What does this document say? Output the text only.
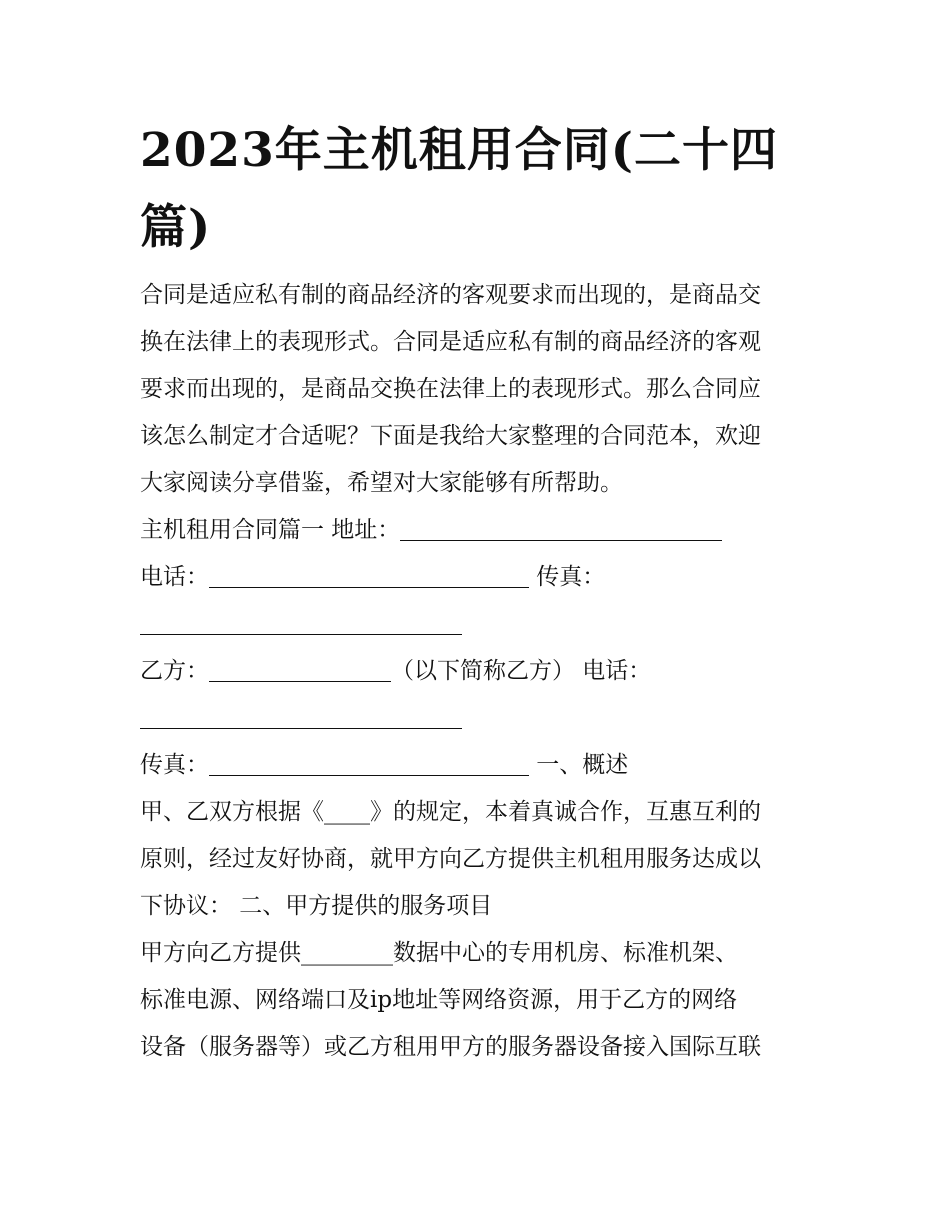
2023年主机租用合同(二十四
篇)
合同是适应私有制的商品经济的客观要求而出现的，是商品交
换在法律上的表现形式。合同是适应私有制的商品经济的客观
要求而出现的，是商品交换在法律上的表现形式。那么合同应
该怎么制定才合适呢？下面是我给大家整理的合同范本，欢迎
大家阅读分享借鉴，希望对大家能够有所帮助。
主机租用合同篇一 地址：
电话：	传真：
乙方：	（以下简称乙方） 电话：
传真：	一、概述
甲、乙双方根据《____》的规定，本着真诚合作，互惠互利的
原则，经过友好协商，就甲方向乙方提供主机租用服务达成以
下协议： 二、甲方提供的服务项目
甲方向乙方提供________数据中心的专用机房、标准机架、
标准电源、网络端口及ip地址等网络资源，用于乙方的网络
设备（服务器等）或乙方租用甲方的服务器设备接入国际互联
